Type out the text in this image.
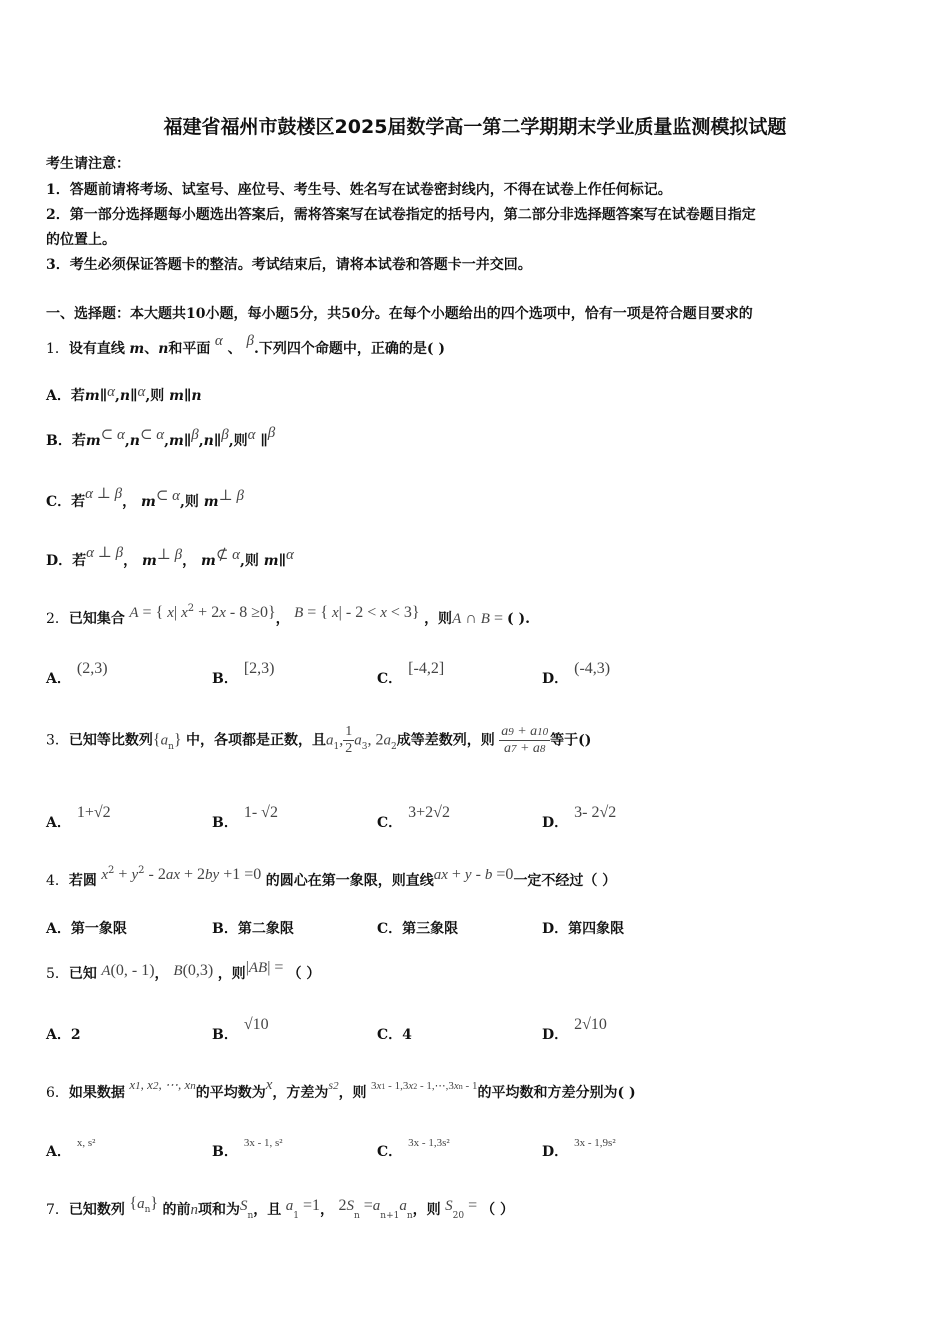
福建省福州市鼓楼区2025届数学高一第二学期期末学业质量监测模拟试题
考生请注意：
1．答题前请将考场、试室号、座位号、考生号、姓名写在试卷密封线内，不得在试卷上作任何标记。
2．第一部分选择题每小题选出答案后，需将答案写在试卷指定的括号内，第二部分非选择题答案写在试卷题目指定
的位置上。
3．考生必须保证答题卡的整洁。考试结束后，请将本试卷和答题卡一并交回。
一、选择题：本大题共10小题，每小题5分，共50分。在每个小题给出的四个选项中，恰有一项是符合题目要求的
1．设有直线 m、n和平面 α 、 β.下列四个命题中，正确的是( )
A．若m∥α,n∥α,则 m∥n
B．若m⊂ α,n⊂ α,m∥β,n∥β,则α ∥β
C．若α ⊥ β， m⊂ α,则 m⊥ β
D．若α ⊥ β， m⊥ β， m⊄ α,则 m∥α
2．已知集合 A = { x| $x^2 + 2x - 8 \ge 0$}， B = { x| - 2 < x < 3} ，则A ∩ B = ( ).
A．(2,3)
B．[2,3)
C．[-4,2]
D．(-4,3)
3．已知等比数列$\{a_n\}$ 中，各项都是正数，且$a_1$, $\frac{1}{2} a_3$, $2a_2$成等差数列，则 $\frac{a9 + a10}{a7 + a8}$ 等于()
A．1+√2
B．1- √2
C．3+2√2
D．3- 2√2
4．若圆 $x^2 + y^2 - 2ax + 2by +1 =0$ 的圆心在第一象限，则直线ax + y - b =0一定不经过（ ）
A．第一象限	B．第二象限	C．第三象限	D．第四象限
5．已知 A(0, - 1)， B(0,3) ，则|AB| = （ ）
A．2	B．√10
C．4	D．2√10
6．如果数据 x1, x2, ⋯, xn的平均数为x，方差为s2，则 $^{3x1 - 1,3x2 - 1,\cdots,3xn - 1}$的平均数和方差分别为( )
A．$^{x, s^2}$
B．$^{3x - 1, s^2}$
C．$^{3x - 1,3s^2}$
D．$^{3x - 1,9s^2}$
7．已知数列 {an} 的前n项和为$S_n$，且 $a_1 =1$， $2S_n =a_{n+1}a_n$，则 $S_{20}$ = （ ）
